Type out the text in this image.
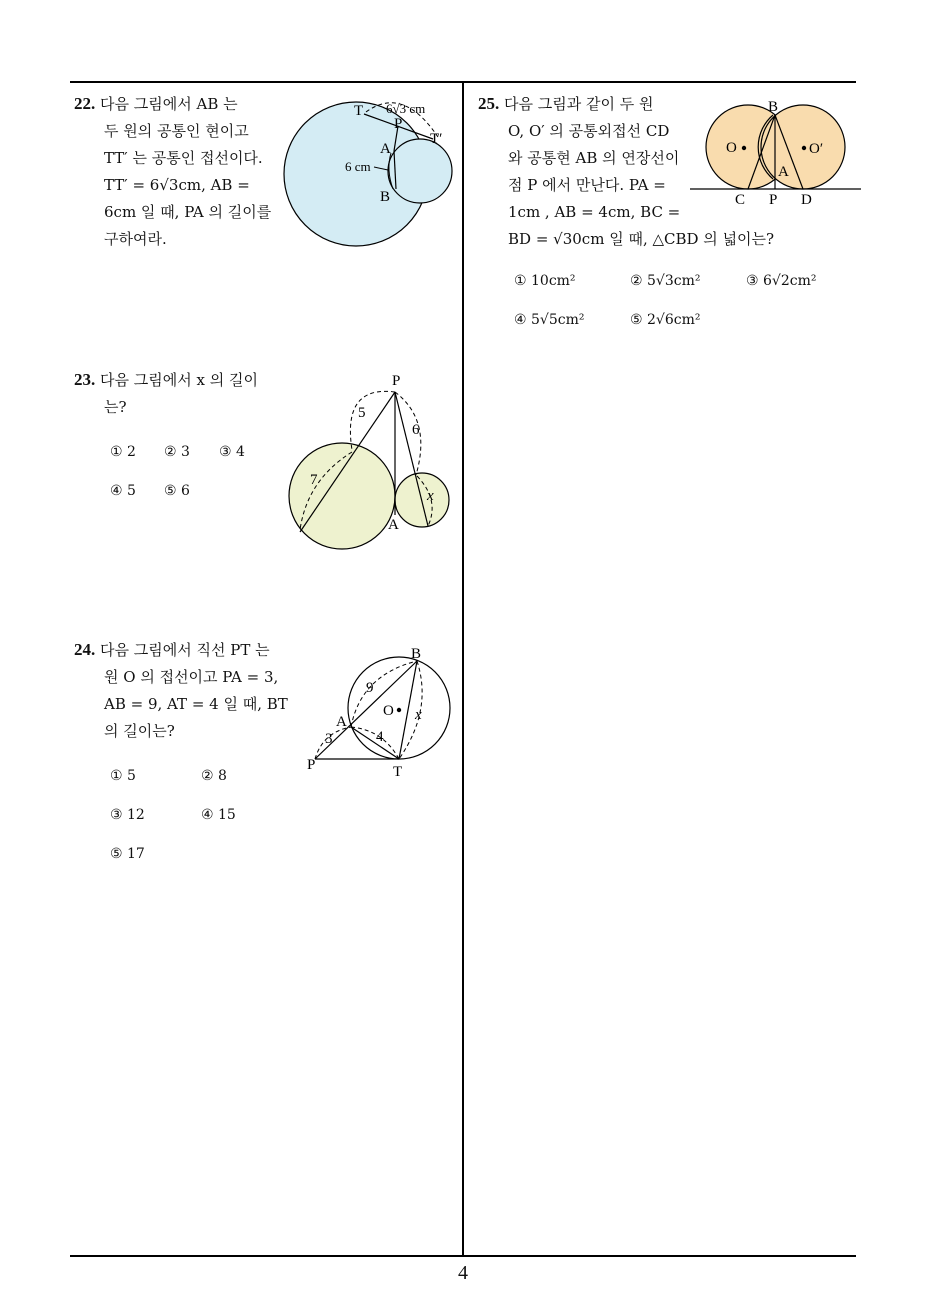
4
22. 다음 그림에서 AB 는
두 원의 공통인 현이고
TT′ 는 공통인 접선이다.
TT′ = 6√3cm, AB =
6cm 일 때, PA 의 길이를
구하여라.
T 6√3 cm
P
T′
A
6 cm
B
23. 다음 그림에서 x 의 길이
는?
① 2 ② 3 ③ 4
④ 5 ⑤ 6
P
5
6
7
x
A
24. 다음 그림에서 직선 PT 는
원 O 의 접선이고 PA = 3,
AB = 9, AT = 4 일 때, BT
의 길이는?
① 5	② 8
③ 12	④ 15
⑤ 17
B
9
O x
A
3	4
P	T
25. 다음 그림과 같이 두 원
O, O′ 의 공통외접선 CD
와 공통현 AB 의 연장선이
점 P 에서 만난다. PA =
1cm , AB = 4cm, BC =
BD = √30cm 일 때, △CBD 의 넓이는?
① 10cm²	② 5√3cm²	③ 6√2cm²
④ 5√5cm²	⑤ 2√6cm²
B
O	O′
A
C P D
